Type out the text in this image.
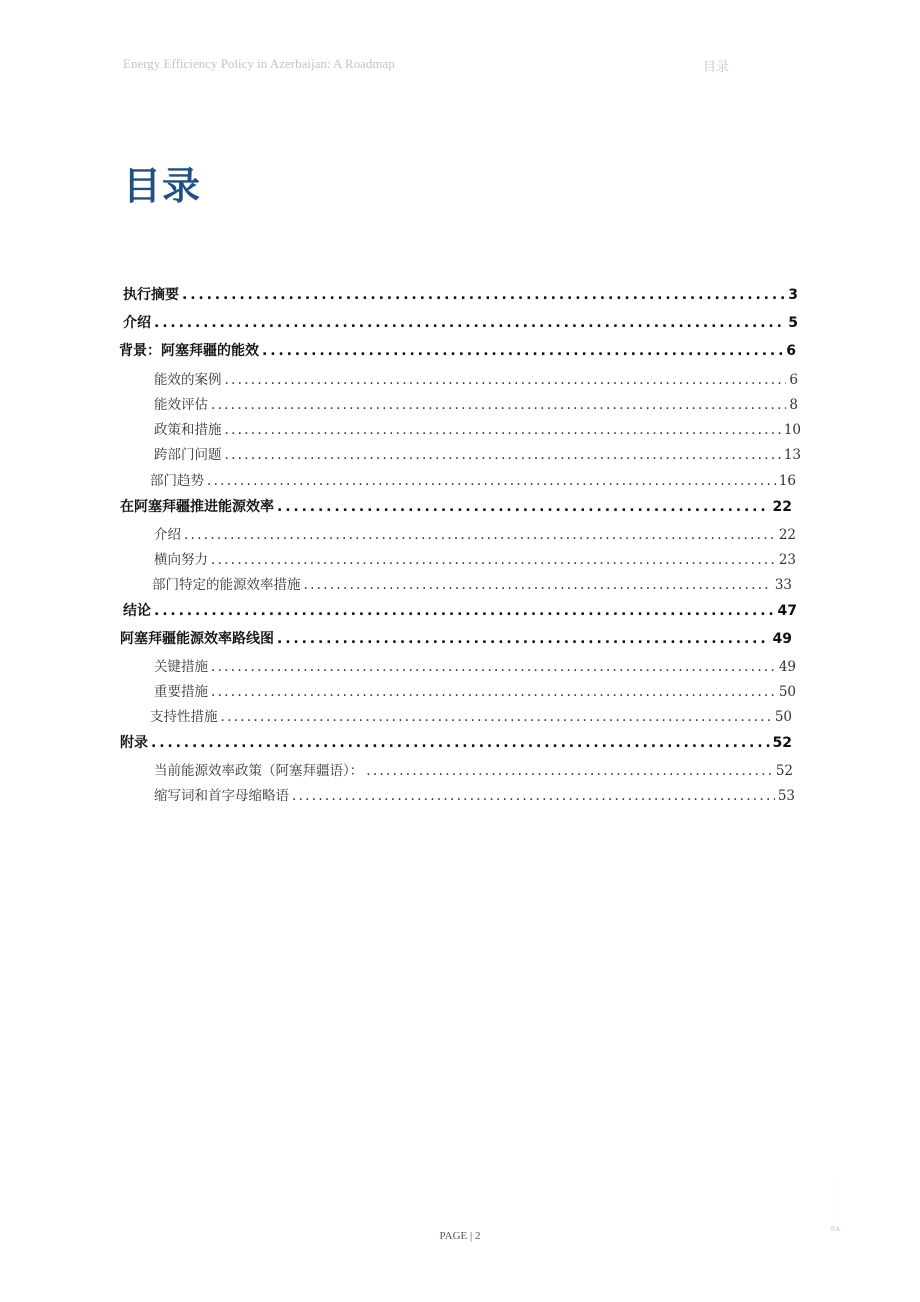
Energy Efficiency Policy in Azerbaijan: A Roadmap	目录
目录
执行摘要 . . .	3
介绍 . . .	5
背景：阿塞拜疆的能效 . . .	6
能效的案例 . . .	6
能效评估 . . .	8
政策和措施 . . .	10
跨部门问题 . . .	13
部门趋势 . . .	16
在阿塞拜疆推进能源效率 . . .	22
介绍 . . .	22
横向努力 . . .	23
部门特定的能源效率措施 . . .	33
结论 . . .	47
阿塞拜疆能源效率路线图 . . .	49
关键措施 . . .	49
重要措施 . . .	50
支持性措施 . . .	50
附录 . . .	52
当前能源效率政策（阿塞拜疆语）： . . .	52
缩写词和首字母缩略语 . . .	53
PAGE | 2
·
·
·
·
·
·
IEA.
